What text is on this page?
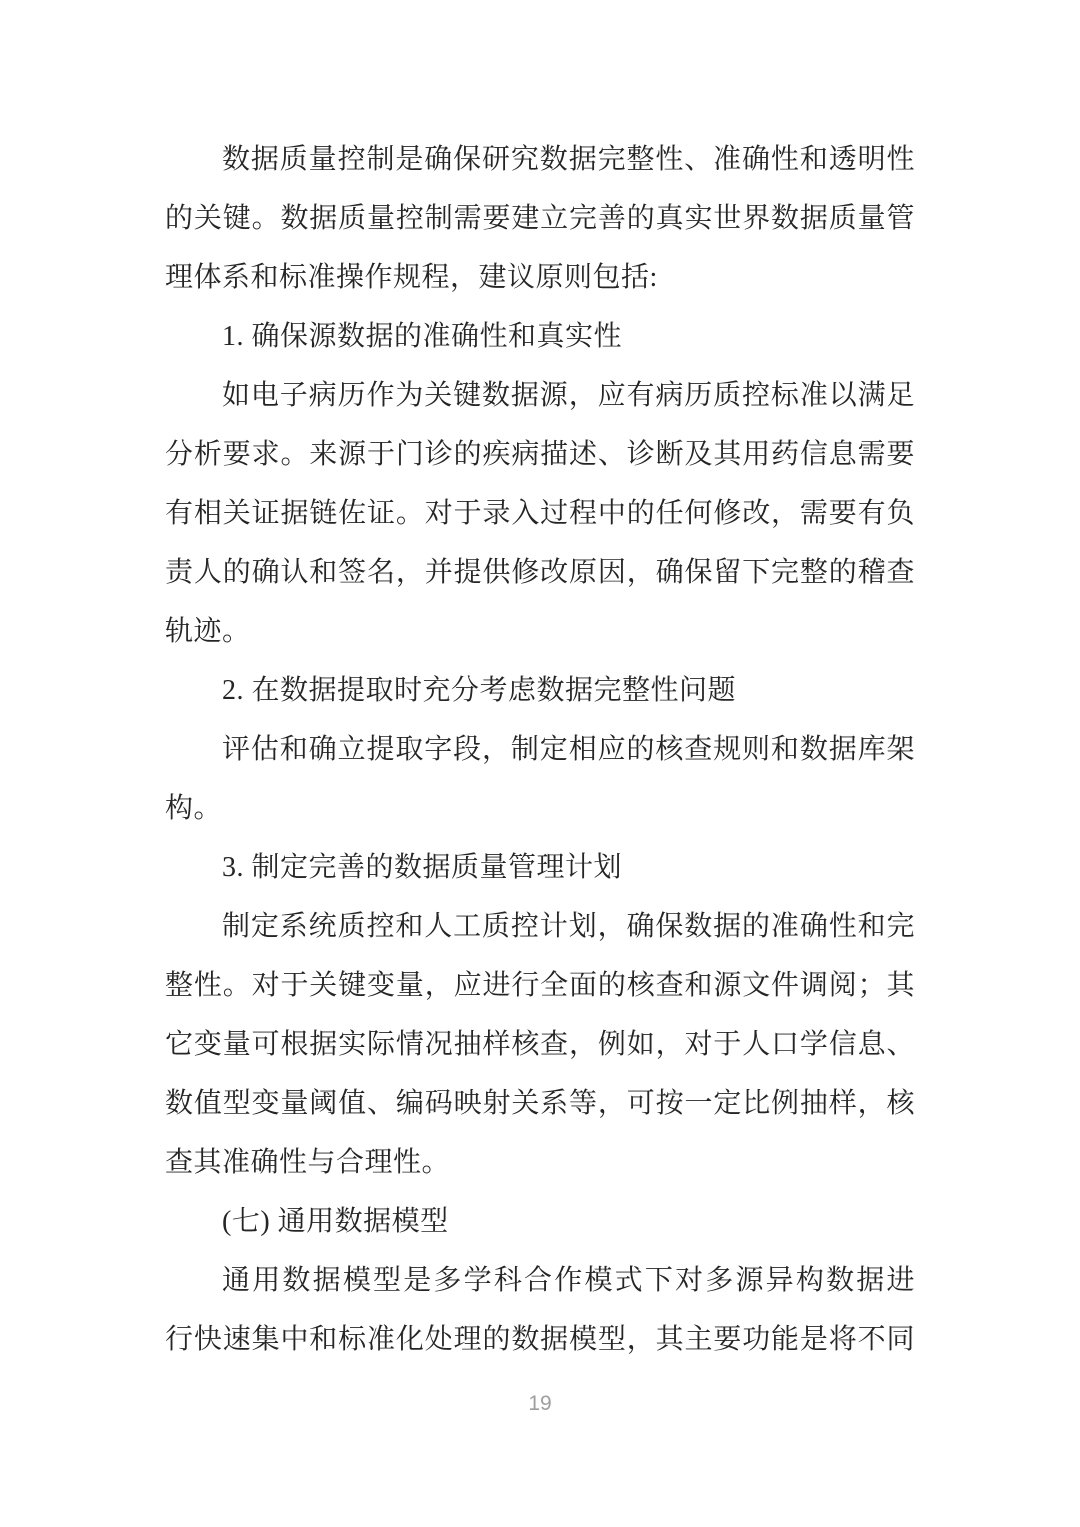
数据质量控制是确保研究数据完整性、准确性和透明性
的关键。数据质量控制需要建立完善的真实世界数据质量管
理体系和标准操作规程，建议原则包括:
1. 确保源数据的准确性和真实性
如电子病历作为关键数据源，应有病历质控标准以满足
分析要求。来源于门诊的疾病描述、诊断及其用药信息需要
有相关证据链佐证。对于录入过程中的任何修改，需要有负
责人的确认和签名，并提供修改原因，确保留下完整的稽查
轨迹。
2. 在数据提取时充分考虑数据完整性问题
评估和确立提取字段，制定相应的核查规则和数据库架
构。
3. 制定完善的数据质量管理计划
制定系统质控和人工质控计划，确保数据的准确性和完
整性。对于关键变量，应进行全面的核查和源文件调阅；其
它变量可根据实际情况抽样核查，例如，对于人口学信息、
数值型变量阈值、编码映射关系等，可按一定比例抽样，核
查其准确性与合理性。
(七) 通用数据模型
通用数据模型是多学科合作模式下对多源异构数据进
行快速集中和标准化处理的数据模型，其主要功能是将不同
19
